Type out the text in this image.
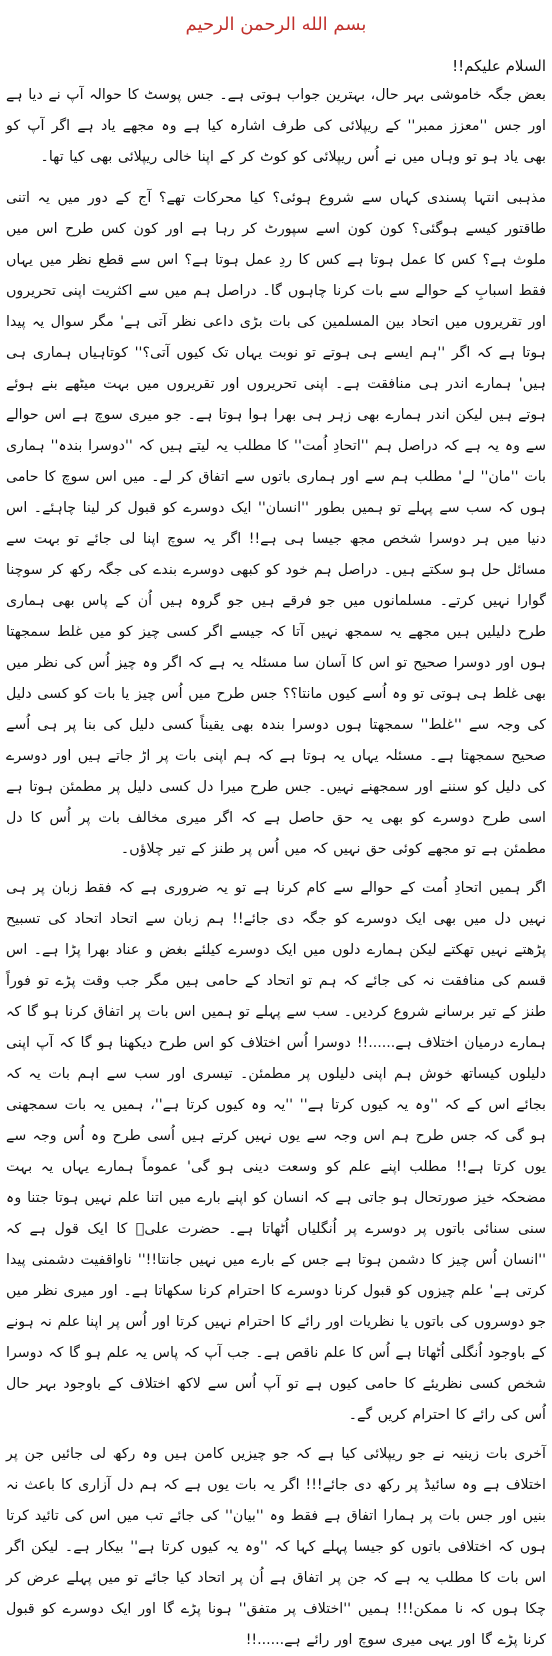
بسم الله الرحمن الرحیم

السلام علیکم!!

بعض جگہ خاموشی بہر حال، بہترین جواب ہوتی ہے۔ جس پوسٹ کا حوالہ آپ نے دیا ہے اور جس ''معزز ممبر'' کے ریپلائی کی طرف اشارہ کیا ہے وہ مجھے یاد ہے اگر آپ کو بھی یاد ہو تو وہاں میں نے اُس ریپلائی کو کوٹ کر کے اپنا خالی ریپلائی بھی کیا تھا۔

مذہبی انتہا پسندی کہاں سے شروع ہوئی؟ کیا محرکات تھے؟ آج کے دور میں یہ اتنی طاقتور کیسے ہوگئی؟ کون کون اسے سپورٹ کر رہا ہے اور کون کس طرح اس میں ملوث ہے؟ کس کا عمل ہوتا ہے کس کا ردِ عمل ہوتا ہے؟ اس سے قطع نظر میں یہاں فقط اسبابِ کے حوالے سے بات کرنا چاہوں گا۔ دراصل ہم میں سے اکثریت اپنی تحریروں اور تقریروں میں اتحاد بین المسلمین کی بات بڑی داعی نظر آتی ہے' مگر سوال یہ پیدا ہوتا ہے کہ اگر ''ہم ایسے ہی ہوتے تو نوبت یہاں تک کیوں آتی؟'' کوتاہیاں ہماری ہی ہیں' ہمارے اندر ہی منافقت ہے۔ اپنی تحریروں اور تقریروں میں بہت میٹھے بنے ہوئے ہوتے ہیں لیکن اندر ہمارے بھی زہر ہی بھرا ہوا ہوتا ہے۔ جو میری سوچ ہے اس حوالے سے وہ یہ ہے کہ دراصل ہم ''اتحادِ اُمت'' کا مطلب یہ لیتے ہیں کہ ''دوسرا بندہ'' ہماری بات ''مان'' لے' مطلب ہم سے اور ہماری باتوں سے اتفاق کر لے۔ میں اس سوچ کا حامی ہوں کہ سب سے پہلے تو ہمیں بطور ''انسان'' ایک دوسرے کو قبول کر لینا چاہئے۔ اس دنیا میں ہر دوسرا شخص مجھ جیسا ہی ہے!! اگر یہ سوچ اپنا لی جائے تو بہت سے مسائل حل ہو سکتے ہیں۔ دراصل ہم خود کو کبھی دوسرے بندے کی جگہ رکھ کر سوچنا گوارا نہیں کرتے۔ مسلمانوں میں جو فرقے ہیں جو گروہ ہیں اُن کے پاس بھی ہماری طرح دلیلیں ہیں مجھے یہ سمجھ نہیں آتا کہ جیسے اگر کسی چیز کو میں غلط سمجھتا ہوں اور دوسرا صحیح تو اس کا آسان سا مسئلہ یہ ہے کہ اگر وہ چیز اُس کی نظر میں بھی غلط ہی ہوتی تو وہ اُسے کیوں مانتا؟؟ جس طرح میں اُس چیز یا بات کو کسی دلیل کی وجہ سے ''غلط'' سمجھتا ہوں دوسرا بندہ بھی یقیناً کسی دلیل کی بنا پر ہی اُسے صحیح سمجھتا ہے۔ مسئلہ یہاں یہ ہوتا ہے کہ ہم اپنی بات پر اڑ جاتے ہیں اور دوسرے کی دلیل کو سننے اور سمجھنے نہیں۔ جس طرح میرا دل کسی دلیل پر مطمئن ہوتا ہے اسی طرح دوسرے کو بھی یہ حق حاصل ہے کہ اگر میری مخالف بات پر اُس کا دل مطمئن ہے تو مجھے کوئی حق نہیں کہ میں اُس پر طنز کے تیر چلاؤں۔

اگر ہمیں اتحادِ اُمت کے حوالے سے کام کرنا ہے تو یہ ضروری ہے کہ فقط زبان پر ہی نہیں دل میں بھی ایک دوسرے کو جگہ دی جائے!! ہم زبان سے اتحاد اتحاد کی تسبیح پڑھتے نہیں تھکتے لیکن ہمارے دلوں میں ایک دوسرے کیلئے بغض و عناد بھرا پڑا ہے۔ اس قسم کی منافقت نہ کی جائے کہ ہم تو اتحاد کے حامی ہیں مگر جب وقت پڑے تو فوراً طنز کے تیر برسانے شروع کردیں۔ سب سے پہلے تو ہمیں اس بات پر اتفاق کرنا ہو گا کہ ہمارے درمیان اختلاف ہے......!! دوسرا اُس اختلاف کو اس طرح دیکھنا ہو گا کہ آپ اپنی دلیلوں کیساتھ خوش ہم اپنی دلیلوں پر مطمئن۔ تیسری اور سب سے اہم بات یہ کہ بجائے اس کے کہ ''وہ یہ کیوں کرتا ہے'' ''یہ وہ کیوں کرتا ہے''، ہمیں یہ بات سمجھنی ہو گی کہ جس طرح ہم اس وجہ سے یوں نہیں کرتے ہیں اُسی طرح وہ اُس وجہ سے یوں کرتا ہے!! مطلب اپنے علم کو وسعت دینی ہو گی' عموماً ہمارے یہاں یہ بہت مضحکہ خیز صورتحال ہو جاتی ہے کہ انسان کو اپنے بارے میں اتنا علم نہیں ہوتا جتنا وہ سنی سنائی باتوں پر دوسرے پر اُنگلیاں اُٹھاتا ہے۔ حضرت علیؑ کا ایک قول ہے کہ ''انسان اُس چیز کا دشمن ہوتا ہے جس کے بارے میں نہیں جانتا!!'' ناواقفیت دشمنی پیدا کرتی ہے' علم چیزوں کو قبول کرنا دوسرے کا احترام کرنا سکھاتا ہے۔ اور میری نظر میں جو دوسروں کی باتوں یا نظریات اور رائے کا احترام نہیں کرتا اور اُس پر اپنا علم نہ ہونے کے باوجود اُنگلی اُٹھاتا ہے اُس کا علم ناقص ہے۔ جب آپ کہ پاس یہ علم ہو گا کہ دوسرا شخص کسی نظریئے کا حامی کیوں ہے تو آپ اُس سے لاکھ اختلاف کے باوجود بہر حال اُس کی رائے کا احترام کریں گے۔

آخری بات زینیہ نے جو ریپلائی کیا ہے کہ جو چیزیں کامن ہیں وہ رکھ لی جائیں جن پر اختلاف ہے وہ سائیڈ پر رکھ دی جائے!!! اگر یہ بات یوں ہے کہ ہم دل آزاری کا باعث نہ بنیں اور جس بات پر ہمارا اتفاق ہے فقط وہ ''بیان'' کی جائے تب میں اس کی تائید کرتا ہوں کہ اختلافی باتوں کو جیسا پہلے کہا کہ ''وہ یہ کیوں کرتا ہے'' بیکار ہے۔ لیکن اگر اس بات کا مطلب یہ ہے کہ جن پر اتفاق ہے اُن پر اتحاد کیا جائے تو میں پہلے عرض کر چکا ہوں کہ نا ممکن!!! ہمیں ''اختلاف پر متفق'' ہونا پڑے گا اور ایک دوسرے کو قبول کرنا پڑے گا اور یہی میری سوچ اور رائے ہے......!!
